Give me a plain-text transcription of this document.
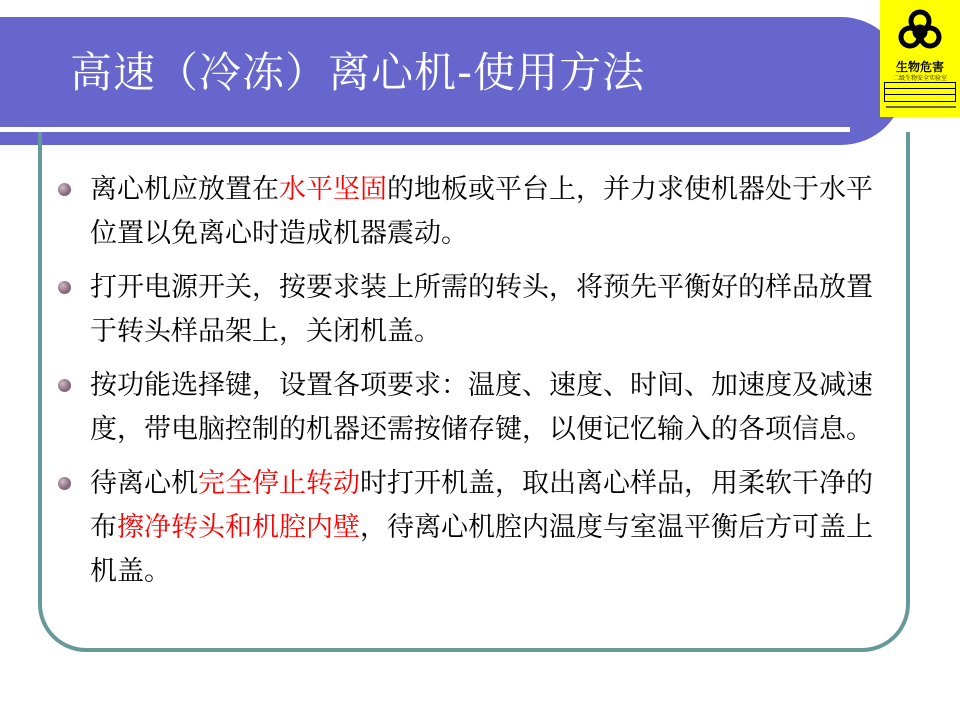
高速（冷冻）离心机-使用方法	生物危害
二级生物安全实验室
离心机应放置在水平坚固的地板或平台上，并力求使机器处于水平位置以免离心时造成机器震动。
打开电源开关，按要求装上所需的转头，将预先平衡好的样品放置于转头样品架上，关闭机盖。
按功能选择键，设置各项要求：温度、速度、时间、加速度及减速度，带电脑控制的机器还需按储存键，以便记忆输入的各项信息。
待离心机完全停止转动时打开机盖，取出离心样品，用柔软干净的布擦净转头和机腔内壁，待离心机腔内温度与室温平衡后方可盖上机盖。
